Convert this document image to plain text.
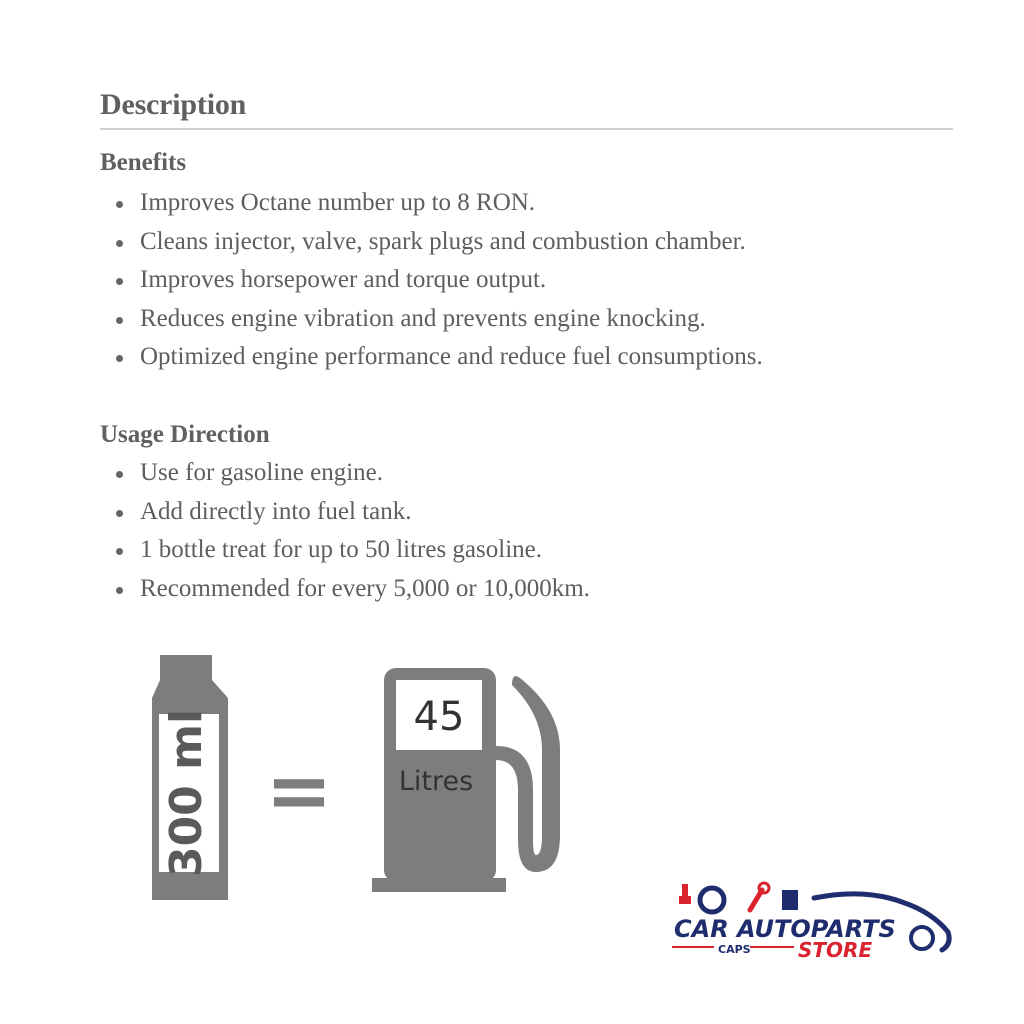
Description
Benefits
Improves Octane number up to 8 RON.
Cleans injector, valve, spark plugs and combustion chamber.
Improves horsepower and torque output.
Reduces engine vibration and prevents engine knocking.
Optimized engine performance and reduce fuel consumptions.
Usage Direction
Use for gasoline engine.
Add directly into fuel tank.
1 bottle treat for up to 50 litres gasoline.
Recommended for every 5,000 or 10,000km.
300 ml =
45
Litres
CAR AUTOPARTS
CAPS STORE
